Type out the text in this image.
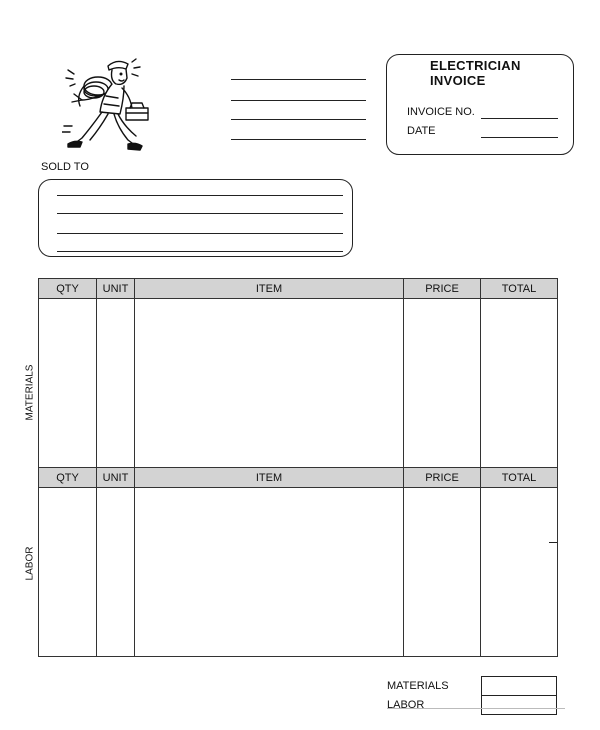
ELECTRICIAN
INVOICE
INVOICE NO.
DATE
SOLD TO
MATERIALS
QTY	UNIT	ITEM	PRICE	TOTAL

LABOR
QTY	UNIT	ITEM	PRICE	TOTAL

MATERIALS
LABOR
